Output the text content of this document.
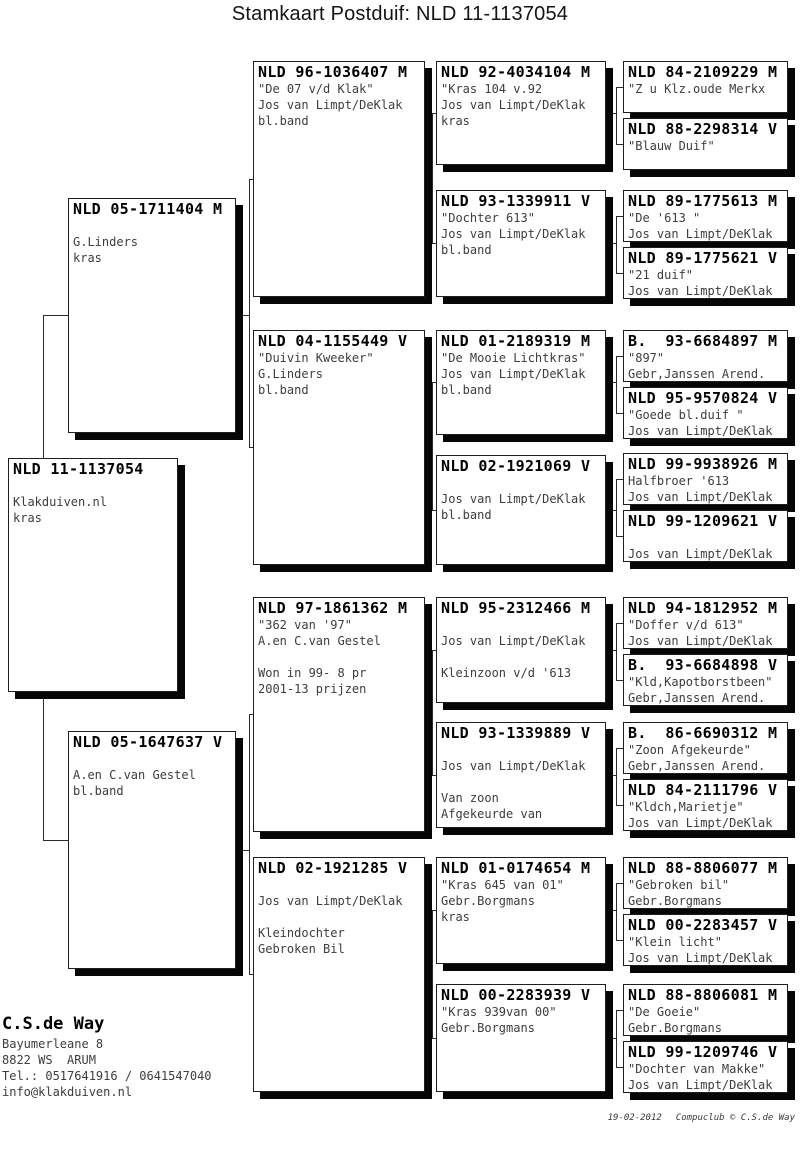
Stamkaart Postduif: NLD 11-1137054
NLD 11-1137054
Klakduiven.nl
kras
NLD 05-1711404 M
G.Linders
kras
NLD 05-1647637 V
A.en C.van Gestel
bl.band
NLD 96-1036407 M
"De 07 v/d Klak"
Jos van Limpt/DeKlak
bl.band
NLD 04-1155449 V
"Duivin Kweeker"
G.Linders
bl.band
NLD 97-1861362 M
"362 van '97"
A.en C.van Gestel
Won in 99- 8 pr
2001-13 prijzen
NLD 02-1921285 V
Jos van Limpt/DeKlak
Kleindochter
Gebroken Bil
NLD 92-4034104 M
"Kras 104 v.92
Jos van Limpt/DeKlak
kras
NLD 93-1339911 V
"Dochter 613"
Jos van Limpt/DeKlak
bl.band
NLD 01-2189319 M
"De Mooie Lichtkras"
Jos van Limpt/DeKlak
bl.band
NLD 02-1921069 V
Jos van Limpt/DeKlak
bl.band
NLD 95-2312466 M
Jos van Limpt/DeKlak
Kleinzoon v/d '613
NLD 93-1339889 V
Jos van Limpt/DeKlak
Van zoon
Afgekeurde van
NLD 01-0174654 M
"Kras 645 van 01"
Gebr.Borgmans
kras
NLD 00-2283939 V
"Kras 939van 00"
Gebr.Borgmans
NLD 84-2109229 M
"Z u Klz.oude Merkx
NLD 88-2298314 V
"Blauw Duif"
NLD 89-1775613 M
"De '613 "
Jos van Limpt/DeKlak
NLD 89-1775621 V
"21 duif"
Jos van Limpt/DeKlak
B.  93-6684897 M
"897"
Gebr,Janssen Arend.
NLD 95-9570824 V
"Goede bl.duif "
Jos van Limpt/DeKlak
NLD 99-9938926 M
Halfbroer '613
Jos van Limpt/DeKlak
NLD 99-1209621 V
Jos van Limpt/DeKlak
NLD 94-1812952 M
"Doffer v/d 613"
Jos van Limpt/DeKlak
B.  93-6684898 V
"Kld,Kapotborstbeen"
Gebr,Janssen Arend.
B.  86-6690312 M
"Zoon Afgekeurde"
Gebr,Janssen Arend.
NLD 84-2111796 V
"Kldch,Marietje"
Jos van Limpt/DeKlak
NLD 88-8806077 M
"Gebroken bil"
Gebr.Borgmans
NLD 00-2283457 V
"Klein licht"
Jos van Limpt/DeKlak
NLD 88-8806081 M
"De Goeie"
Gebr.Borgmans
NLD 99-1209746 V
"Dochter van Makke"
Jos van Limpt/DeKlak
C.S.de Way
Bayumerleane 8
8822 WS  ARUM
Tel.: 0517641916 / 0641547040
info@klakduiven.nl

19-02-2012 Compuclub © C.S.de Way
